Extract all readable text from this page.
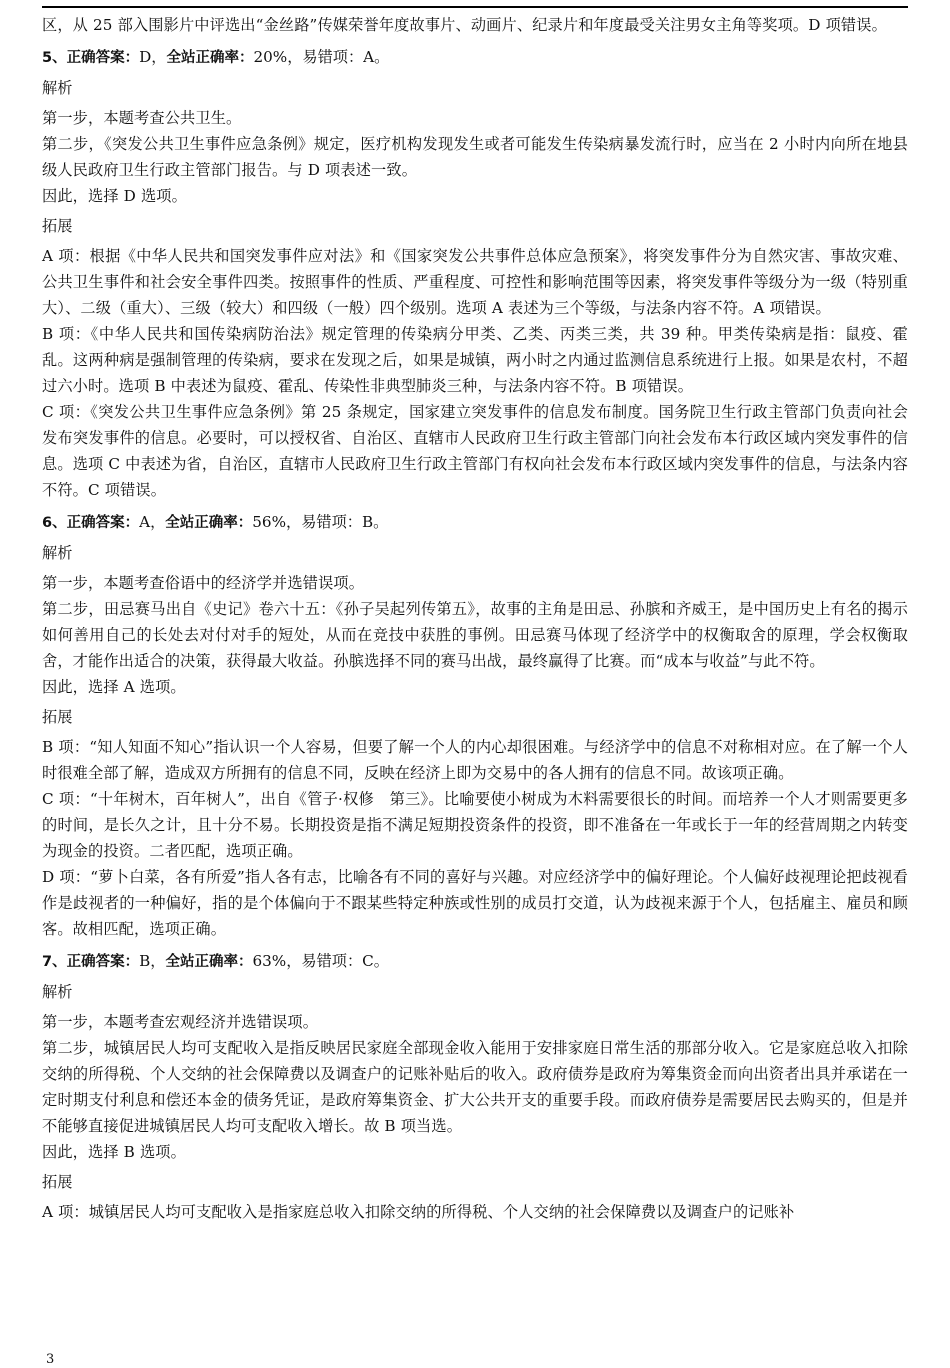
区，从 25 部入围影片中评选出“金丝路”传媒荣誉年度故事片、动画片、纪录片和年度最受关注男女主角等奖项。D 项错误。

5、正确答案：D，全站正确率：20%，易错项：A。
解析

第一步，本题考查公共卫生。

第二步，《突发公共卫生事件应急条例》规定，医疗机构发现发生或者可能发生传染病暴发流行时，应当在 2 小时内向所在地县级人民政府卫生行政主管部门报告。与 D 项表述一致。

因此，选择 D 选项。

拓展

A 项：根据《中华人民共和国突发事件应对法》和《国家突发公共事件总体应急预案》，将突发事件分为自然灾害、事故灾难、公共卫生事件和社会安全事件四类。按照事件的性质、严重程度、可控性和影响范围等因素，将突发事件等级分为一级（特别重大）、二级（重大）、三级（较大）和四级（一般）四个级别。选项 A 表述为三个等级，与法条内容不符。A 项错误。

B 项：《中华人民共和国传染病防治法》规定管理的传染病分甲类、乙类、丙类三类，共 39 种。甲类传染病是指：鼠疫、霍乱。这两种病是强制管理的传染病，要求在发现之后，如果是城镇，两小时之内通过监测信息系统进行上报。如果是农村，不超过六小时。选项 B 中表述为鼠疫、霍乱、传染性非典型肺炎三种，与法条内容不符。B 项错误。

C 项：《突发公共卫生事件应急条例》第 25 条规定，国家建立突发事件的信息发布制度。国务院卫生行政主管部门负责向社会发布突发事件的信息。必要时，可以授权省、自治区、直辖市人民政府卫生行政主管部门向社会发布本行政区域内突发事件的信息。选项 C 中表述为省，自治区，直辖市人民政府卫生行政主管部门有权向社会发布本行政区域内突发事件的信息，与法条内容不符。C 项错误。

6、正确答案：A，全站正确率：56%，易错项：B。
解析

第一步，本题考查俗语中的经济学并选错误项。

第二步，田忌赛马出自《史记》卷六十五：《孙子吴起列传第五》，故事的主角是田忌、孙膑和齐威王，是中国历史上有名的揭示如何善用自己的长处去对付对手的短处，从而在竞技中获胜的事例。田忌赛马体现了经济学中的权衡取舍的原理，学会权衡取舍，才能作出适合的决策，获得最大收益。孙膑选择不同的赛马出战，最终赢得了比赛。而“成本与收益”与此不符。

因此，选择 A 选项。

拓展

B 项：“知人知面不知心”指认识一个人容易，但要了解一个人的内心却很困难。与经济学中的信息不对称相对应。在了解一个人时很难全部了解，造成双方所拥有的信息不同，反映在经济上即为交易中的各人拥有的信息不同。故该项正确。

C 项：“十年树木，百年树人”，出自《管子·权修　第三》。比喻要使小树成为木料需要很长的时间。而培养一个人才则需要更多的时间，是长久之计，且十分不易。长期投资是指不满足短期投资条件的投资，即不准备在一年或长于一年的经营周期之内转变为现金的投资。二者匹配，选项正确。

D 项：“萝卜白菜，各有所爱”指人各有志，比喻各有不同的喜好与兴趣。对应经济学中的偏好理论。个人偏好歧视理论把歧视看作是歧视者的一种偏好，指的是个体偏向于不跟某些特定种族或性别的成员打交道，认为歧视来源于个人，包括雇主、雇员和顾客。故相匹配，选项正确。

7、正确答案：B，全站正确率：63%，易错项：C。
解析

第一步，本题考查宏观经济并选错误项。

第二步，城镇居民人均可支配收入是指反映居民家庭全部现金收入能用于安排家庭日常生活的那部分收入。它是家庭总收入扣除交纳的所得税、个人交纳的社会保障费以及调查户的记账补贴后的收入。政府债券是政府为筹集资金而向出资者出具并承诺在一定时期支付利息和偿还本金的债务凭证，是政府筹集资金、扩大公共开支的重要手段。而政府债券是需要居民去购买的，但是并不能够直接促进城镇居民人均可支配收入增长。故 B 项当选。

因此，选择 B 选项。

拓展

A 项：城镇居民人均可支配收入是指家庭总收入扣除交纳的所得税、个人交纳的社会保障费以及调查户的记账补

3
